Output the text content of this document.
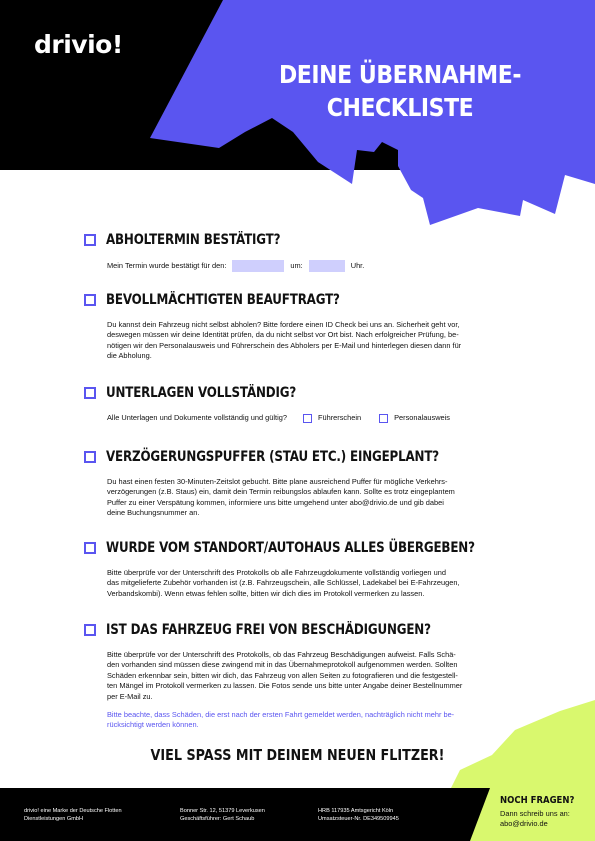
drivio!
DEINE ÜBERNAHME-
CHECKLISTE
ABHOLTERMIN BESTÄTIGT?
Mein Termin wurde bestätigt für den:	um:	Uhr.
BEVOLLMÄCHTIGTEN BEAUFTRAGT?
Du kannst dein Fahrzeug nicht selbst abholen? Bitte fordere einen ID Check bei uns an. Sicherheit geht vor,
deswegen müssen wir deine Identität prüfen, da du nicht selbst vor Ort bist. Nach erfolgreicher Prüfung, be-
nötigen wir den Personalausweis und Führerschein des Abholers per E-Mail und hinterlegen diesen dann für
die Abholung.
UNTERLAGEN VOLLSTÄNDIG?
Alle Unterlagen und Dokumente vollständig und gültig?	Führerschein	Personalausweis
VERZÖGERUNGSPUFFER (STAU ETC.) EINGEPLANT?
Du hast einen festen 30-Minuten-Zeitslot gebucht. Bitte plane ausreichend Puffer für mögliche Verkehrs-
verzögerungen (z.B. Staus) ein, damit dein Termin reibungslos ablaufen kann. Sollte es trotz eingeplantem
Puffer zu einer Verspätung kommen, informiere uns bitte umgehend unter abo@drivio.de und gib dabei
deine Buchungsnummer an.
WURDE VOM STANDORT/AUTOHAUS ALLES ÜBERGEBEN?
Bitte überprüfe vor der Unterschrift des Protokolls ob alle Fahrzeugdokumente vollständig vorliegen und
das mitgelieferte Zubehör vorhanden ist (z.B. Fahrzeugschein, alle Schlüssel, Ladekabel bei E-Fahrzeugen,
Verbandskombi). Wenn etwas fehlen sollte, bitten wir dich dies im Protokoll vermerken zu lassen.
IST DAS FAHRZEUG FREI VON BESCHÄDIGUNGEN?
Bitte überprüfe vor der Unterschrift des Protokolls, ob das Fahrzeug Beschädigungen aufweist. Falls Schä-
den vorhanden sind müssen diese zwingend mit in das Übernahmeprotokoll aufgenommen werden. Sollten
Schäden erkennbar sein, bitten wir dich, das Fahrzeug von allen Seiten zu fotografieren und die festgestell-
ten Mängel im Protokoll vermerken zu lassen. Die Fotos sende uns bitte unter Angabe deiner Bestellnummer
per E-Mail zu.
Bitte beachte, dass Schäden, die erst nach der ersten Fahrt gemeldet werden, nachträglich nicht mehr be-
rücksichtigt werden können.
VIEL SPASS MIT DEINEM NEUEN FLITZER!
drivio! eine Marke der Deutsche Flotten
Dienstleistungen GmbH
Bonner Str. 12, 51379 Leverkusen
Geschäftsführer: Gert Schaub
HRB 117935 Amtsgericht Köln
Umsatzsteuer-Nr. DE349509945
NOCH FRAGEN?
Dann schreib uns an:
abo@drivio.de
